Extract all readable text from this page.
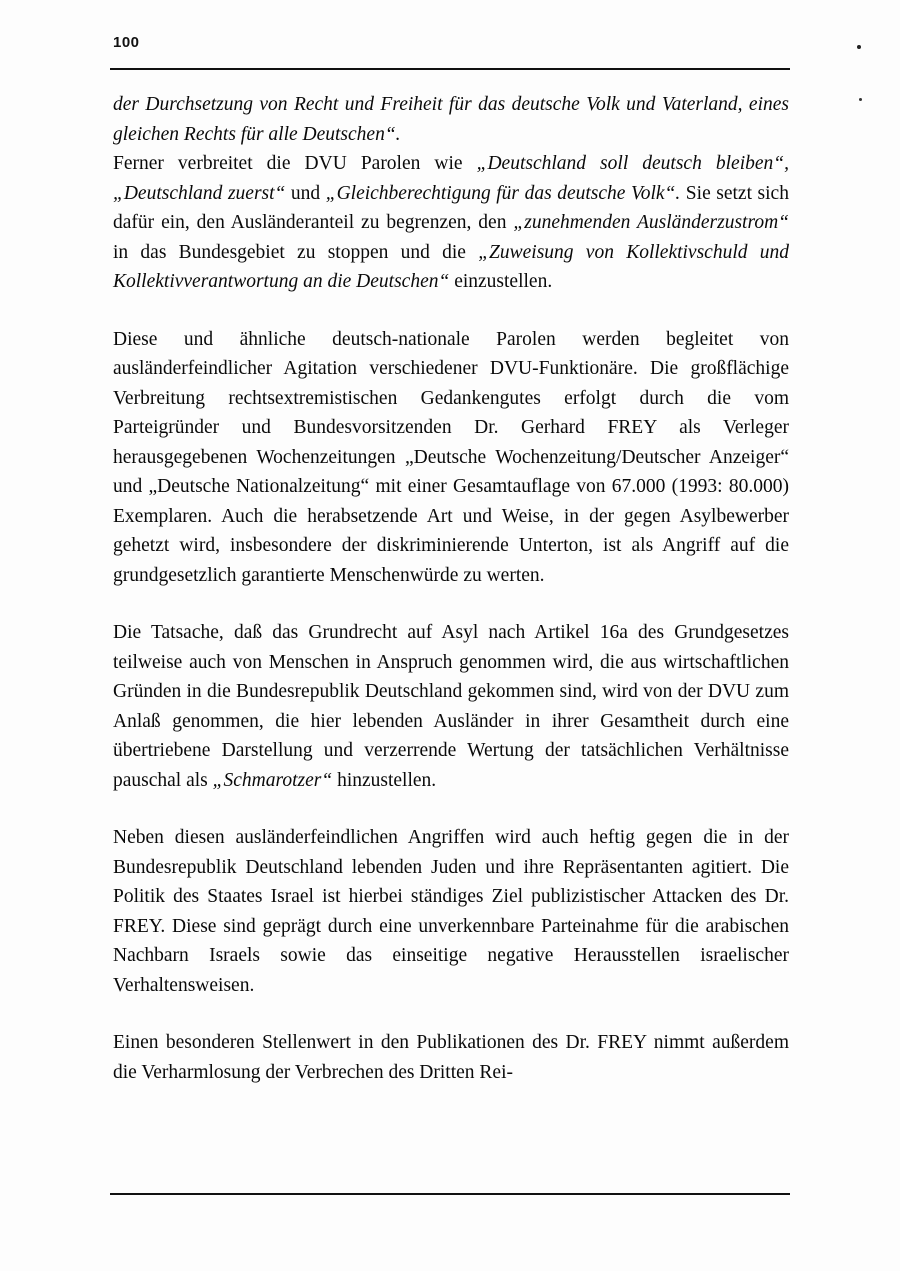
100

der Durchsetzung von Recht und Freiheit für das deutsche Volk und Vaterland, eines gleichen Rechts für alle Deutschen“.

Ferner verbreitet die DVU Parolen wie „Deutschland soll deutsch bleiben“, „Deutschland zuerst“ und „Gleichberechtigung für das deutsche Volk“. Sie setzt sich dafür ein, den Ausländeranteil zu begrenzen, den „zunehmenden Ausländerzustrom“ in das Bundesgebiet zu stoppen und die „Zuweisung von Kollektivschuld und Kollektivverantwortung an die Deutschen“ einzustellen.

Diese und ähnliche deutsch-nationale Parolen werden begleitet von ausländerfeindlicher Agitation verschiedener DVU-Funktionäre. Die großflächige Verbreitung rechtsextremistischen Gedankengutes erfolgt durch die vom Parteigründer und Bundesvorsitzenden Dr. Gerhard FREY als Verleger herausgegebenen Wochenzeitungen „Deutsche Wochenzeitung/Deutscher Anzeiger“ und „Deutsche Nationalzeitung“ mit einer Gesamtauflage von 67.000 (1993: 80.000) Exemplaren. Auch die herabsetzende Art und Weise, in der gegen Asylbewerber gehetzt wird, insbesondere der diskriminierende Unterton, ist als Angriff auf die grundgesetzlich garantierte Menschenwürde zu werten.

Die Tatsache, daß das Grundrecht auf Asyl nach Artikel 16a des Grundgesetzes teilweise auch von Menschen in Anspruch genommen wird, die aus wirtschaftlichen Gründen in die Bundesrepublik Deutschland gekommen sind, wird von der DVU zum Anlaß genommen, die hier lebenden Ausländer in ihrer Gesamtheit durch eine übertriebene Darstellung und verzerrende Wertung der tatsächlichen Verhältnisse pauschal als „Schmarotzer“ hinzustellen.

Neben diesen ausländerfeindlichen Angriffen wird auch heftig gegen die in der Bundesrepublik Deutschland lebenden Juden und ihre Repräsentanten agitiert. Die Politik des Staates Israel ist hierbei ständiges Ziel publizistischer Attacken des Dr. FREY. Diese sind geprägt durch eine unverkennbare Parteinahme für die arabischen Nachbarn Israels sowie das einseitige negative Herausstellen israelischer Verhaltensweisen.

Einen besonderen Stellenwert in den Publikationen des Dr. FREY nimmt außerdem die Verharmlosung der Verbrechen des Dritten Rei-
